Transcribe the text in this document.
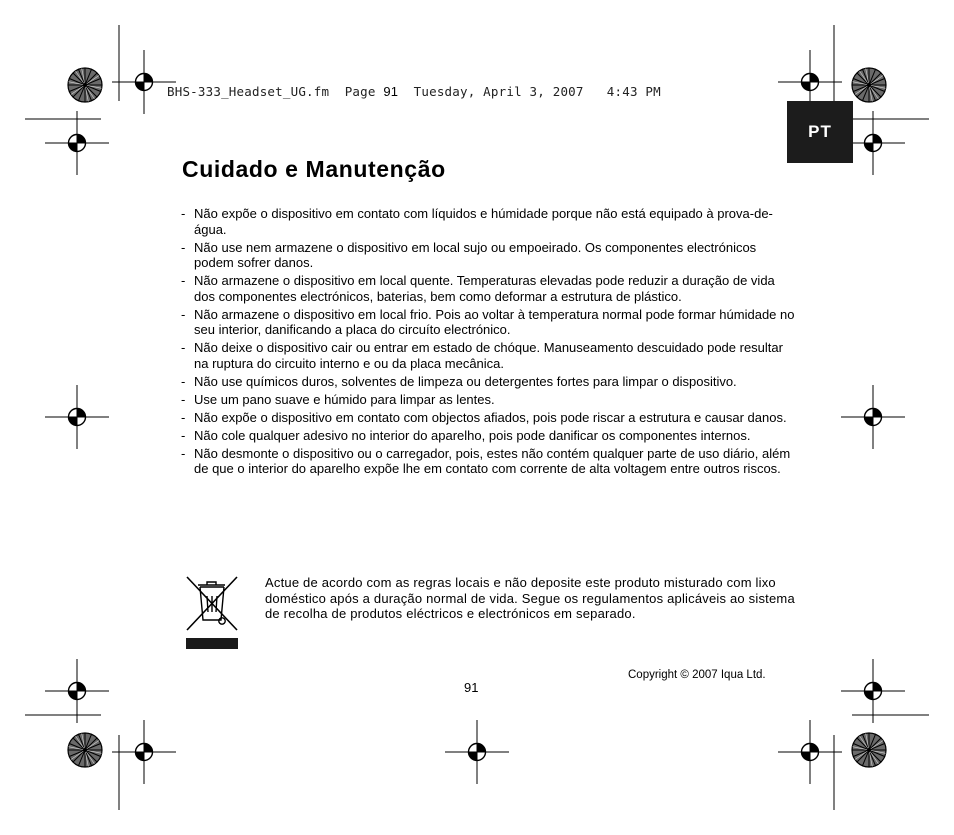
BHS-333_Headset_UG.fm  Page 91  Tuesday, April 3, 2007   4:43 PM
PT
Cuidado e Manutenção
- Não expõe o dispositivo em contato com líquidos e húmidade porque não está equipado à prova-de-água.
- Não use nem armazene o dispositivo em local sujo ou empoeirado. Os componentes electrónicos podem sofrer danos.
- Não armazene o dispositivo em local quente. Temperaturas elevadas pode reduzir a duração de vida dos componentes electrónicos, baterias, bem como deformar a estrutura de plástico.
- Não armazene o dispositivo em local frio. Pois ao voltar à temperatura normal pode formar húmidade no seu interior, danificando a placa do circuíto electrónico.
- Não deixe o dispositivo cair ou entrar em estado de chóque. Manuseamento descuidado pode resultar na ruptura do circuito interno e ou da placa mecânica.
- Não use químicos duros, solventes de limpeza ou detergentes fortes para limpar o dispositivo.
- Use um pano suave e húmido para limpar as lentes.
- Não expõe o dispositivo em contato com objectos afiados, pois pode riscar a estrutura e causar danos.
- Não cole qualquer adesivo no interior do aparelho, pois pode danificar os componentes internos.
- Não desmonte o dispositivo ou o carregador, pois, estes não contém qualquer parte de uso diário, além de que o interior do aparelho expõe lhe em contato com corrente de alta voltagem entre outros riscos.
Actue de acordo com as regras locais e não deposite este produto misturado com lixo doméstico após a duração normal de vida. Segue os regulamentos aplicáveis ao sistema de recolha de produtos eléctricos e electrónicos em separado.
Copyright © 2007 Iqua Ltd.
91
